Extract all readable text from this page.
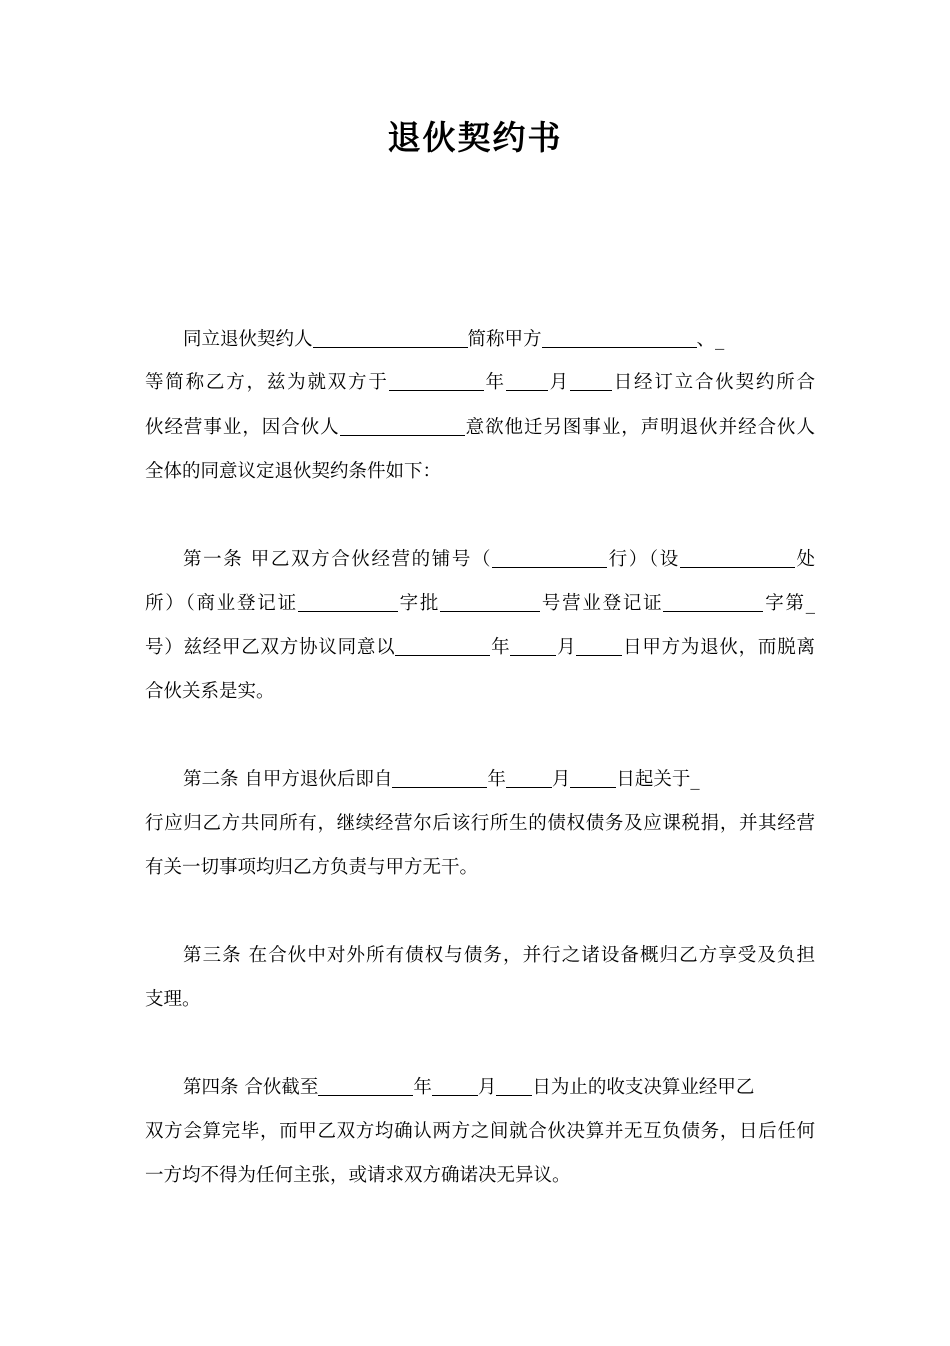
退伙契约书
同立退伙契约人	简称甲方	、_
等简称乙方，兹为就双方于	年 月 日经订立合伙契约所合
伙经营事业，因合伙人	意欲他迁另图事业，声明退伙并经合伙人
全体的同意议定退伙契约条件如下：
第一条 甲乙双方合伙经营的铺号（	行）（设	处
所）（商业登记证	字批	号营业登记证	字第_
号）兹经甲乙双方协议同意以	年 月 日甲方为退伙，而脱离
合伙关系是实。
第二条 自甲方退伙后即自	年 月 日起关于_
行应归乙方共同所有，继续经营尔后该行所生的债权债务及应课税捐，并其经营
有关一切事项均归乙方负责与甲方无干。
第三条 在合伙中对外所有债权与债务，并行之诸设备概归乙方享受及负担
支理。
第四条 合伙截至	年 月 日为止的收支决算业经甲乙
双方会算完毕，而甲乙双方均确认两方之间就合伙决算并无互负债务，日后任何
一方均不得为任何主张，或请求双方确诺决无异议。
